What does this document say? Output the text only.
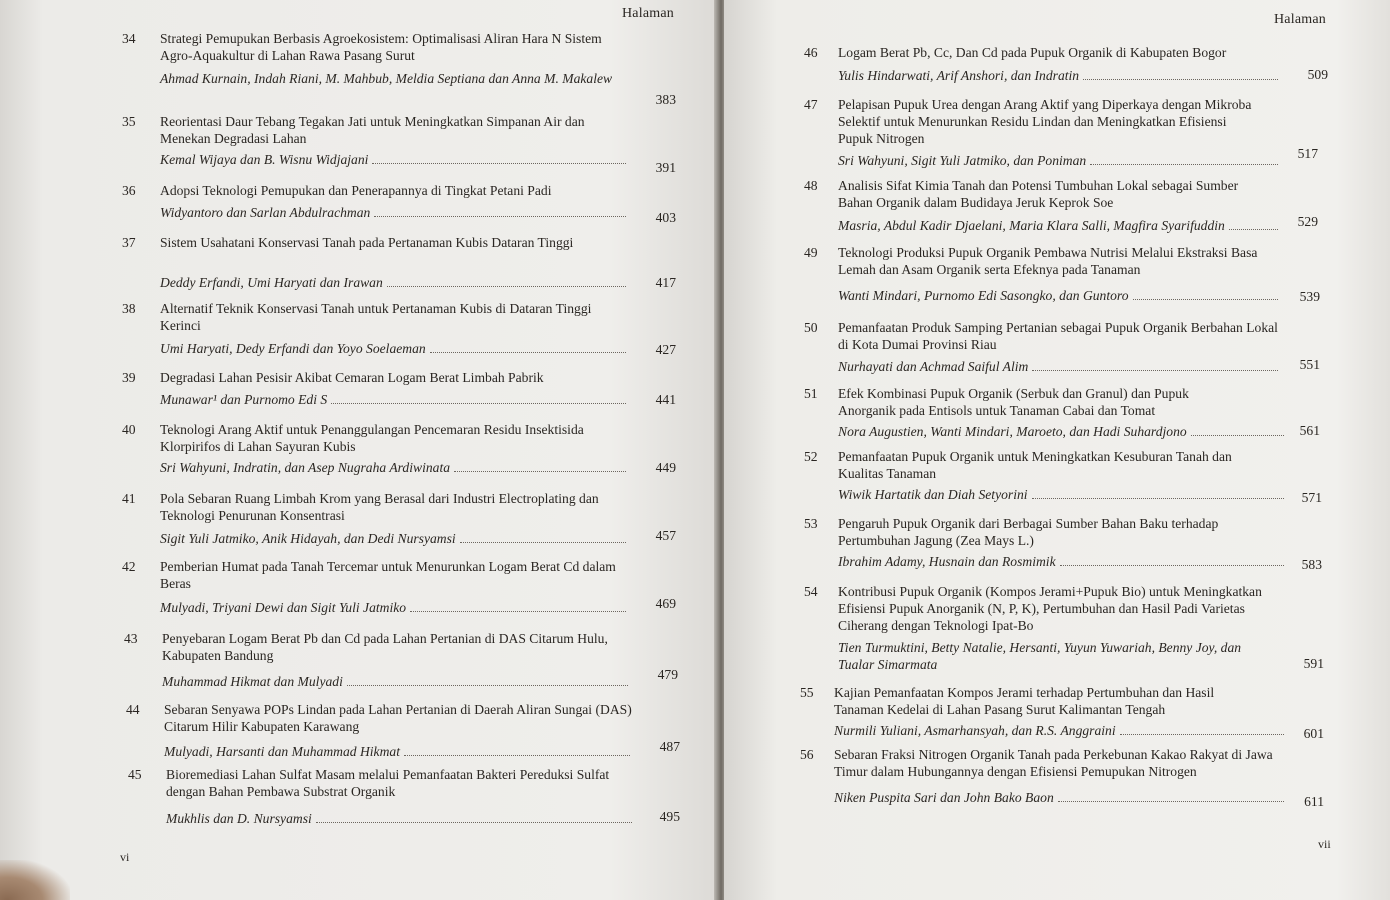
Halaman
34	Strategi Pemupukan Berbasis Agroekosistem: Optimalisasi Aliran Hara N Sistem Agro-Aquakultur di Lahan Rawa Pasang Surut
Ahmad Kurnain, Indah Riani, M. Mahbub, Meldia Septiana dan Anna M. Makalew
383
35	Reorientasi Daur Tebang Tegakan Jati untuk Meningkatkan Simpanan Air dan Menekan Degradasi Lahan
Kemal Wijaya dan B. Wisnu Widjajani
391
36	Adopsi Teknologi Pemupukan dan Penerapannya di Tingkat Petani Padi
Widyantoro dan Sarlan Abdulrachman	403
37	Sistem Usahatani Konservasi Tanah pada Pertanaman Kubis Dataran Tinggi
Deddy Erfandi, Umi Haryati dan Irawan	417
38	Alternatif Teknik Konservasi Tanah untuk Pertanaman Kubis di Dataran Tinggi Kerinci
Umi Haryati, Dedy Erfandi dan Yoyo Soelaeman	427
39	Degradasi Lahan Pesisir Akibat Cemaran Logam Berat Limbah Pabrik
Munawar¹ dan Purnomo Edi S	441
40	Teknologi Arang Aktif untuk Penanggulangan Pencemaran Residu Insektisida Klorpirifos di Lahan Sayuran Kubis
Sri Wahyuni, Indratin, dan Asep Nugraha Ardiwinata	449
41	Pola Sebaran Ruang Limbah Krom yang Berasal dari Industri Electroplating dan Teknologi Penurunan Konsentrasi
Sigit Yuli Jatmiko, Anik Hidayah, dan Dedi Nursyamsi	457
42	Pemberian Humat pada Tanah Tercemar untuk Menurunkan Logam Berat Cd dalam Beras
Mulyadi, Triyani Dewi dan Sigit Yuli Jatmiko	469
43	Penyebaran Logam Berat Pb dan Cd pada Lahan Pertanian di DAS Citarum Hulu, Kabupaten Bandung
Muhammad Hikmat dan Mulyadi	479
44	Sebaran Senyawa POPs Lindan pada Lahan Pertanian di Daerah Aliran Sungai (DAS) Citarum Hilir Kabupaten Karawang
Mulyadi, Harsanti dan Muhammad Hikmat	487
45	Bioremediasi Lahan Sulfat Masam melalui Pemanfaatan Bakteri Pereduksi Sulfat dengan Bahan Pembawa Substrat Organik
Mukhlis dan D. Nursyamsi	495
vi
Halaman
46	Logam Berat Pb, Cc, Dan Cd pada Pupuk Organik di Kabupaten Bogor
Yulis Hindarwati, Arif Anshori, dan Indratin	509
47	Pelapisan Pupuk Urea dengan Arang Aktif yang Diperkaya dengan Mikroba Selektif untuk Menurunkan Residu Lindan dan Meningkatkan Efisiensi Pupuk Nitrogen
Sri Wahyuni, Sigit Yuli Jatmiko, dan Poniman	517
48	Analisis Sifat Kimia Tanah dan Potensi Tumbuhan Lokal sebagai Sumber Bahan Organik dalam Budidaya Jeruk Keprok Soe
Masria, Abdul Kadir Djaelani, Maria Klara Salli, Magfira Syarifuddin	529
49	Teknologi Produksi Pupuk Organik Pembawa Nutrisi Melalui Ekstraksi Basa Lemah dan Asam Organik serta Efeknya pada Tanaman
Wanti Mindari, Purnomo Edi Sasongko, dan Guntoro	539
50	Pemanfaatan Produk Samping Pertanian sebagai Pupuk Organik Berbahan Lokal di Kota Dumai Provinsi Riau
Nurhayati dan Achmad Saiful Alim	551
51	Efek Kombinasi Pupuk Organik (Serbuk dan Granul) dan Pupuk Anorganik pada Entisols untuk Tanaman Cabai dan Tomat
Nora Augustien, Wanti Mindari, Maroeto, dan Hadi Suhardjono	561
52	Pemanfaatan Pupuk Organik untuk Meningkatkan Kesuburan Tanah dan Kualitas Tanaman
Wiwik Hartatik dan Diah Setyorini	571
53	Pengaruh Pupuk Organik dari Berbagai Sumber Bahan Baku terhadap Pertumbuhan Jagung (Zea Mays L.)
Ibrahim Adamy, Husnain dan Rosmimik	583
54	Kontribusi Pupuk Organik (Kompos Jerami+Pupuk Bio) untuk Meningkatkan Efisiensi Pupuk Anorganik (N, P, K), Pertumbuhan dan Hasil Padi Varietas Ciherang dengan Teknologi Ipat-Bo
Tien Turmuktini, Betty Natalie, Hersanti, Yuyun Yuwariah, Benny Joy, dan Tualar Simarmata	591
55	Kajian Pemanfaatan Kompos Jerami terhadap Pertumbuhan dan Hasil Tanaman Kedelai di Lahan Pasang Surut Kalimantan Tengah
Nurmili Yuliani, Asmarhansyah, dan R.S. Anggraini	601
56	Sebaran Fraksi Nitrogen Organik Tanah pada Perkebunan Kakao Rakyat di Jawa Timur dalam Hubungannya dengan Efisiensi Pemupukan Nitrogen
Niken Puspita Sari dan John Bako Baon	611
vii
